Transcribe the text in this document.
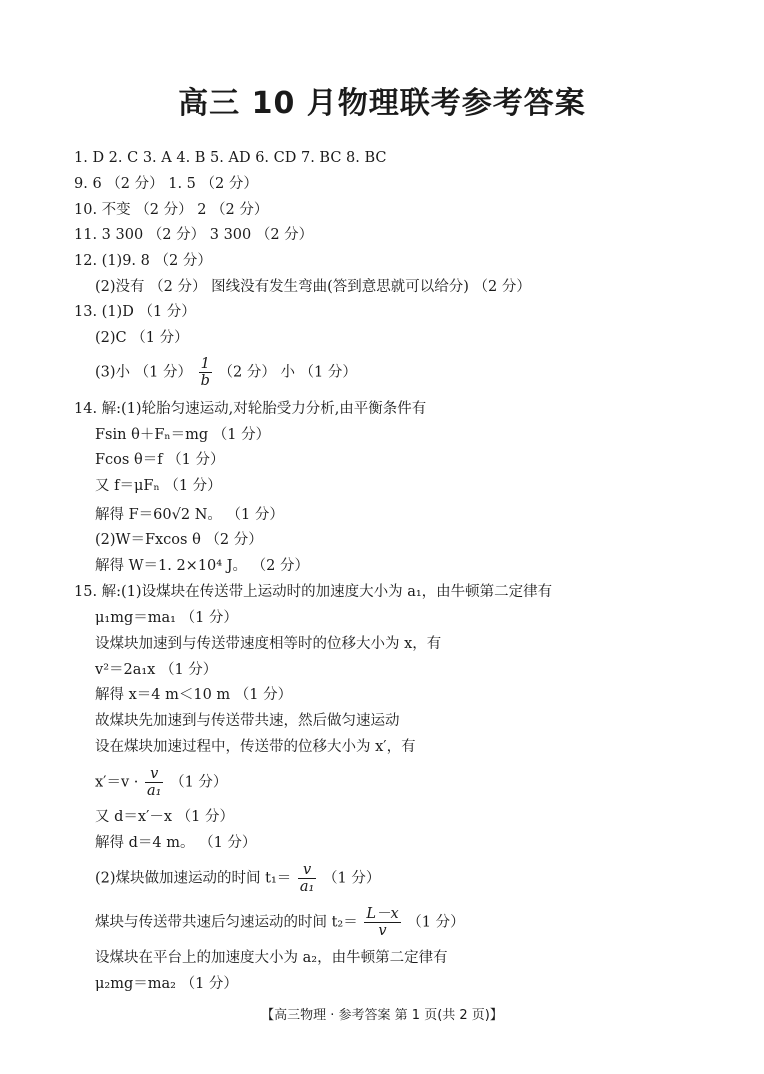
高三 10 月物理联考参考答案
1. D 2. C 3. A 4. B 5. AD 6. CD 7. BC 8. BC
9. 6 （2 分） 1. 5 （2 分）
10. 不变 （2 分） 2 （2 分）
11. 3 300 （2 分） 3 300 （2 分）
12. (1)9. 8 （2 分）
(2)没有 （2 分） 图线没有发生弯曲(答到意思就可以给分) （2 分）
13. (1)D （1 分）
(2)C （1 分）
(3)小 （1 分） $\frac{1}{b} (2$ 分） 小 （1 分）
14. 解:(1)轮胎匀速运动,对轮胎受力分析,由平衡条件有
Fsin θ＋Fₙ＝mg （1 分）
Fcos θ＝f （1 分）
又 f＝μFₙ （1 分）
解得 F＝60√2 N。 （1 分）
(2)W＝Fxcos θ （2 分）
解得 W＝1. 2×10⁴ J。 （2 分）
15. 解:(1)设煤块在传送带上运动时的加速度大小为 a₁，由牛顿第二定律有
μ₁mg＝ma₁ （1 分）
设煤块加速到与传送带速度相等时的位移大小为 x，有
v²＝2a₁x （1 分）
解得 x＝4 m＜10 m （1 分）
故煤块先加速到与传送带共速，然后做匀速运动
设在煤块加速过程中，传送带的位移大小为 x′，有
$x'=v \cdot \frac{v}{\text{a₁}} (1$ 分）
又 d＝x′－x （1 分）
解得 d＝4 m。 （1 分）
(2)煤块做加速运动的时间 $t_1= \frac{v}{\text{a₁}} (1$ 分）
煤块与传送带共速后匀速运动的时间 $t_2= \frac{L-x}{v} (1$ 分）
设煤块在平台上的加速度大小为 a₂，由牛顿第二定律有
μ₂mg＝ma₂ （1 分）
【高三物理 · 参考答案 第 1 页(共 2 页)】
